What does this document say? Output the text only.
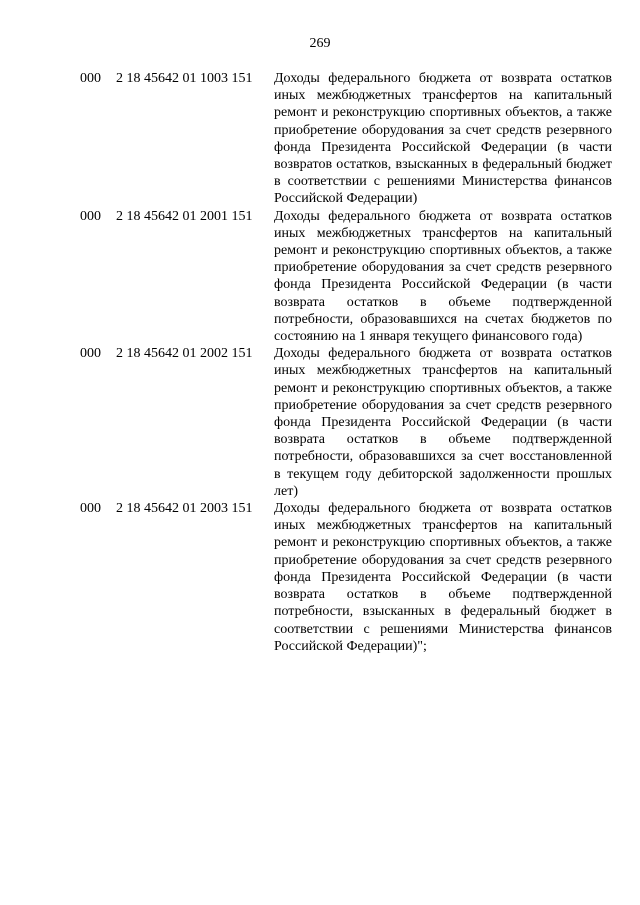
269
000	2 18 45642 01 1003 151	Доходы федерального бюджета от возврата остатков иных межбюджетных трансфертов на капитальный ремонт и реконструкцию спортивных объектов, а также приобретение оборудования за счет средств резервного фонда Президента Российской Федерации (в части возвратов остатков, взысканных в федеральный бюджет в соответствии с решениями Министерства финансов Российской Федерации)
000	2 18 45642 01 2001 151	Доходы федерального бюджета от возврата остатков иных межбюджетных трансфертов на капитальный ремонт и реконструкцию спортивных объектов, а также приобретение оборудования за счет средств резервного фонда Президента Российской Федерации (в части возврата остатков в объеме подтвержденной потребности, образовавшихся на счетах бюджетов по состоянию на 1 января текущего финансового года)
000	2 18 45642 01 2002 151	Доходы федерального бюджета от возврата остатков иных межбюджетных трансфертов на капитальный ремонт и реконструкцию спортивных объектов, а также приобретение оборудования за счет средств резервного фонда Президента Российской Федерации (в части возврата остатков в объеме подтвержденной потребности, образовавшихся за счет восстановленной в текущем году дебиторской задолженности прошлых лет)
000	2 18 45642 01 2003 151	Доходы федерального бюджета от возврата остатков иных межбюджетных трансфертов на капитальный ремонт и реконструкцию спортивных объектов, а также приобретение оборудования за счет средств резервного фонда Президента Российской Федерации (в части возврата остатков в объеме подтвержденной потребности, взысканных в федеральный бюджет в соответствии с решениями Министерства финансов Российской Федерации)";
